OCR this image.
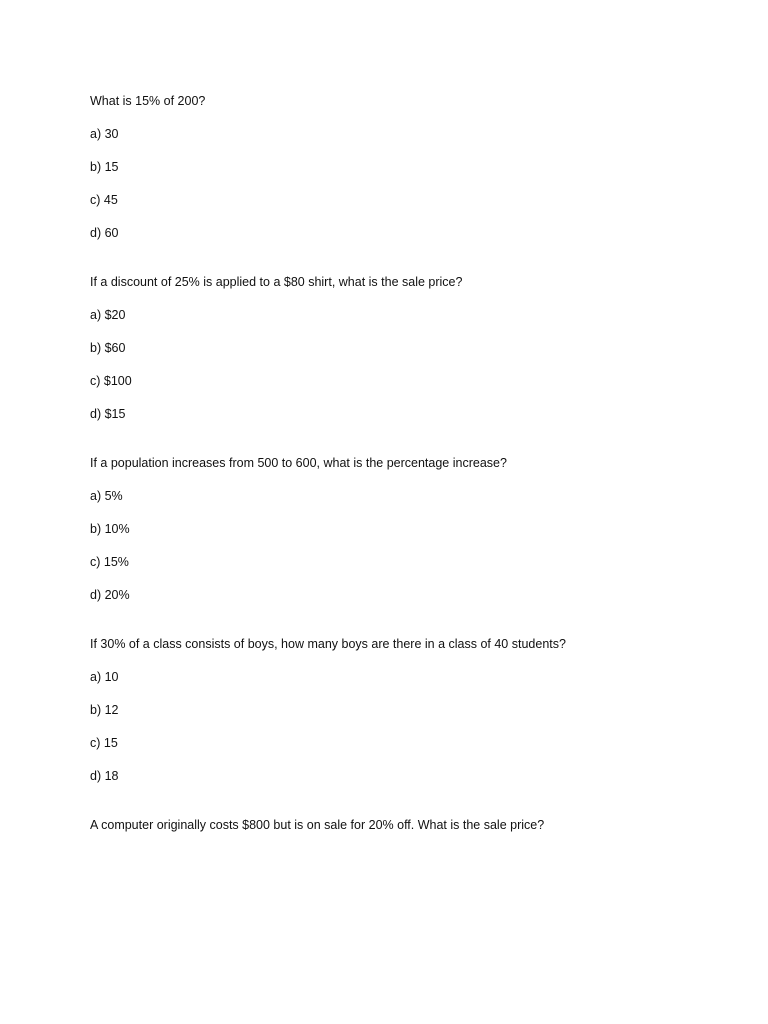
What is 15% of 200?
a) 30
b) 15
c) 45
d) 60
If a discount of 25% is applied to a $80 shirt, what is the sale price?
a) $20
b) $60
c) $100
d) $15
If a population increases from 500 to 600, what is the percentage increase?
a) 5%
b) 10%
c) 15%
d) 20%
If 30% of a class consists of boys, how many boys are there in a class of 40 students?
a) 10
b) 12
c) 15
d) 18
A computer originally costs $800 but is on sale for 20% off. What is the sale price?
